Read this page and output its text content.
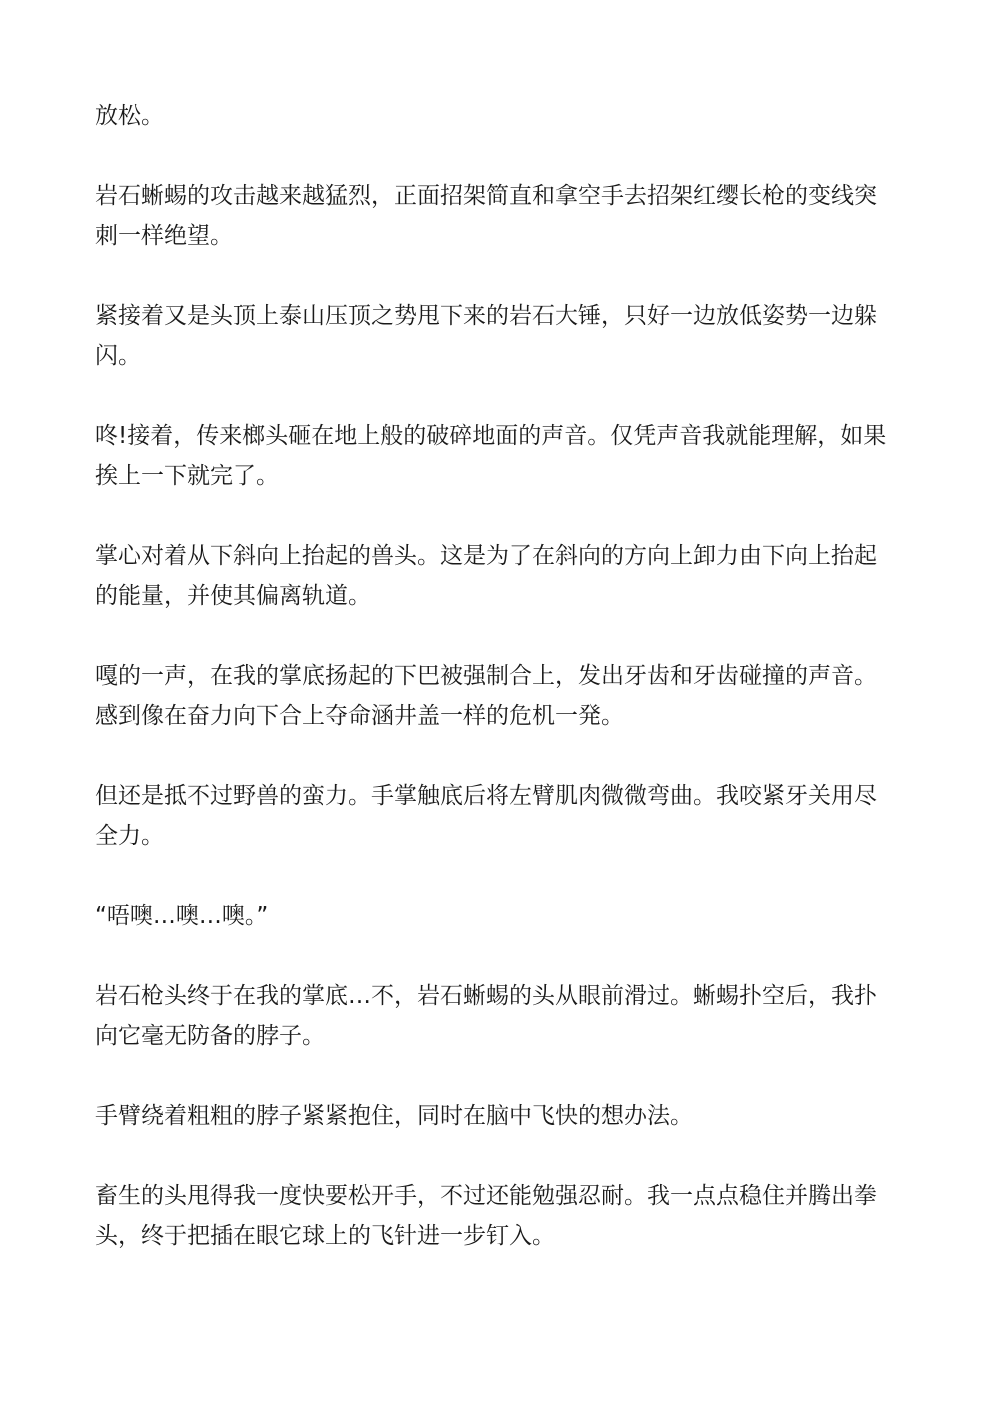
放松。

岩石蜥蜴的攻击越来越猛烈，正面招架简直和拿空手去招架红缨长枪的变线突
刺一样绝望。

紧接着又是头顶上泰山压顶之势甩下来的岩石大锤，只好一边放低姿势一边躲
闪。

咚!接着，传来榔头砸在地上般的破碎地面的声音。仅凭声音我就能理解，如果
挨上一下就完了。

掌心对着从下斜向上抬起的兽头。这是为了在斜向的方向上卸力由下向上抬起
的能量，并使其偏离轨道。

嘎的一声，在我的掌底扬起的下巴被强制合上，发出牙齿和牙齿碰撞的声音。
感到像在奋力向下合上夺命涵井盖一样的危机一発。

但还是抵不过野兽的蛮力。手掌触底后将左臂肌肉微微弯曲。我咬紧牙关用尽
全力。

“唔噢…噢…噢。”

岩石枪头终于在我的掌底…不，岩石蜥蜴的头从眼前滑过。蜥蜴扑空后，我扑
向它毫无防备的脖子。

手臂绕着粗粗的脖子紧紧抱住，同时在脑中飞快的想办法。

畜生的头甩得我一度快要松开手，不过还能勉强忍耐。我一点点稳住并腾出拳
头，终于把插在眼它球上的飞针进一步钉入。
